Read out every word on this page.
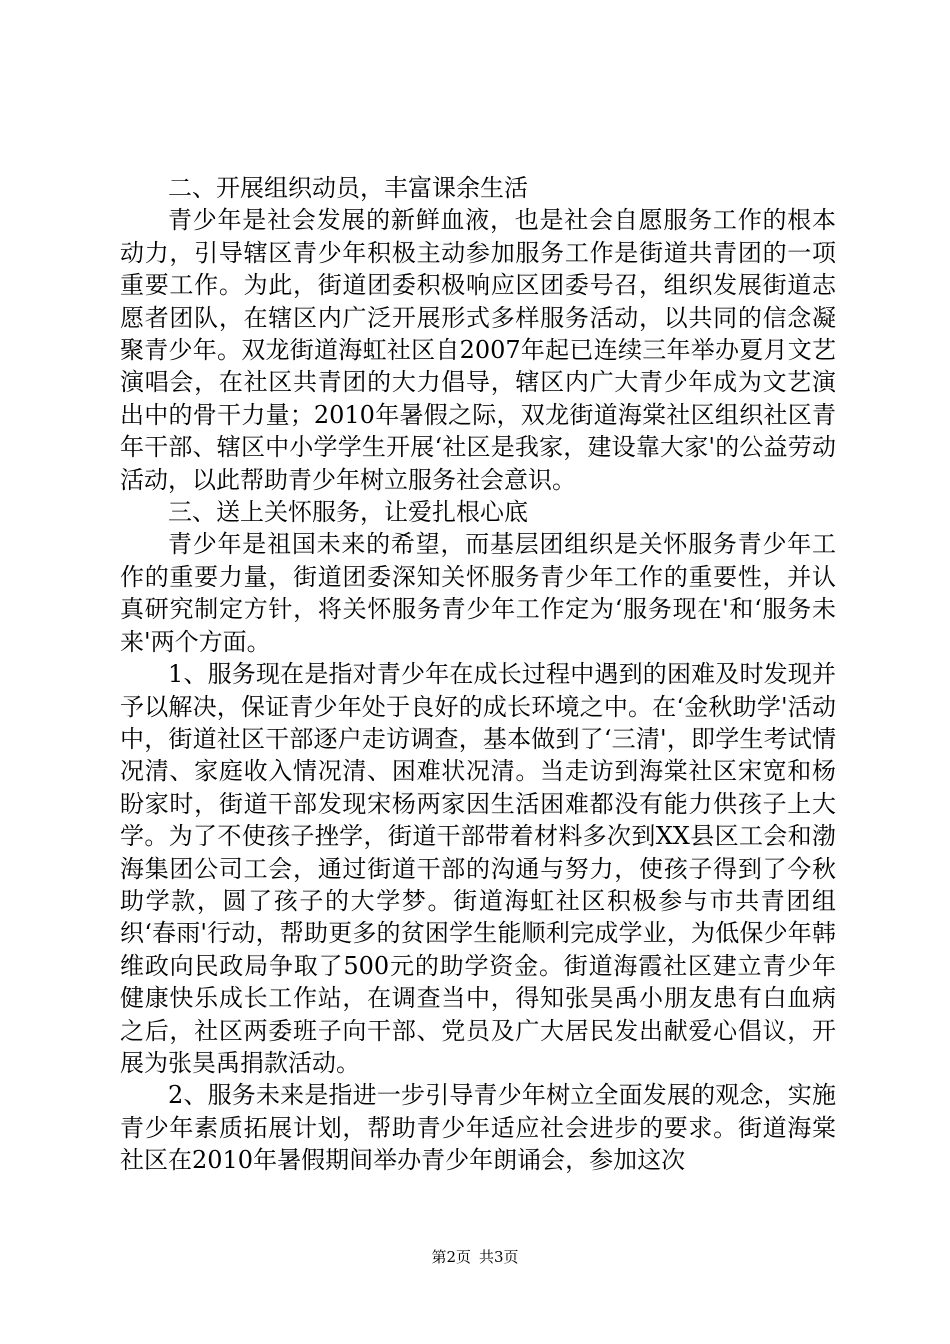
二、开展组织动员，丰富课余生活

青少年是社会发展的新鲜血液，也是社会自愿服务工作的根本动力，引导辖区青少年积极主动参加服务工作是街道共青团的一项重要工作。为此，街道团委积极响应区团委号召，组织发展街道志愿者团队，在辖区内广泛开展形式多样服务活动，以共同的信念凝聚青少年。双龙街道海虹社区自2007年起已连续三年举办夏月文艺演唱会，在社区共青团的大力倡导，辖区内广大青少年成为文艺演出中的骨干力量；2010年暑假之际，双龙街道海棠社区组织社区青年干部、辖区中小学学生开展‘社区是我家，建设靠大家'的公益劳动活动，以此帮助青少年树立服务社会意识。

三、送上关怀服务，让爱扎根心底

青少年是祖国未来的希望，而基层团组织是关怀服务青少年工作的重要力量，街道团委深知关怀服务青少年工作的重要性，并认真研究制定方针，将关怀服务青少年工作定为‘服务现在'和‘服务未来'两个方面。

1、服务现在是指对青少年在成长过程中遇到的困难及时发现并予以解决，保证青少年处于良好的成长环境之中。在‘金秋助学'活动中，街道社区干部逐户走访调查，基本做到了‘三清'，即学生考试情况清、家庭收入情况清、困难状况清。当走访到海棠社区宋宽和杨盼家时，街道干部发现宋杨两家因生活困难都没有能力供孩子上大学。为了不使孩子挫学，街道干部带着材料多次到XX县区工会和渤海集团公司工会，通过街道干部的沟通与努力，使孩子得到了今秋助学款，圆了孩子的大学梦。街道海虹社区积极参与市共青团组织‘春雨'行动，帮助更多的贫困学生能顺利完成学业，为低保少年韩维政向民政局争取了500元的助学资金。街道海霞社区建立青少年健康快乐成长工作站，在调查当中，得知张昊禹小朋友患有白血病之后，社区两委班子向干部、党员及广大居民发出献爱心倡议，开展为张昊禹捐款活动。

2、服务未来是指进一步引导青少年树立全面发展的观念，实施青少年素质拓展计划，帮助青少年适应社会进步的要求。街道海棠社区在2010年暑假期间举办青少年朗诵会，参加这次

第2页 共3页
